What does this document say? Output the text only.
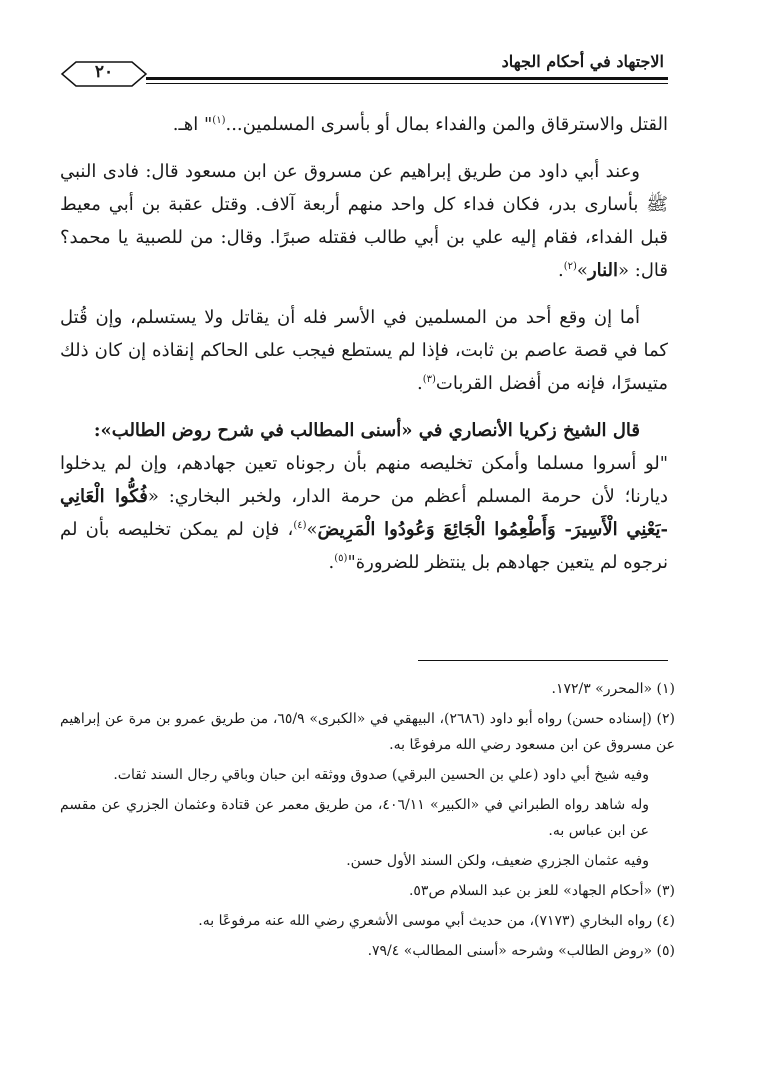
الاجتهاد في أحكام الجهاد
٢٠

القتل والاسترقاق والمن والفداء بمال أو بأسرى المسلمين...$^{(١)}$" اهـ.

وعند أبي داود من طريق إبراهيم عن مسروق عن ابن مسعود قال: فادى النبي ﷺ بأسارى بدر، فكان فداء كل واحد منهم أربعة آلاف. وقتل عقبة بن أبي معيط قبل الفداء، فقام إليه علي بن أبي طالب فقتله صبرًا. وقال: من للصبية يا محمد؟ قال: «النار»$^{(٢)}$.

أما إن وقع أحد من المسلمين في الأسر فله أن يقاتل ولا يستسلم، وإن قُتل كما في قصة عاصم بن ثابت، فإذا لم يستطع فيجب على الحاكم إنقاذه إن كان ذلك متيسرًا، فإنه من أفضل القربات$^{(٣)}$.

قال الشيخ زكريا الأنصاري في «أسنى المطالب في شرح روض الطالب»:
"لو أسروا مسلما وأمكن تخليصه منهم بأن رجوناه تعين جهادهم، وإن لم يدخلوا ديارنا؛ لأن حرمة المسلم أعظم من حرمة الدار، ولخبر البخاري: «فُكُّوا الْعَانِي -يَعْنِي الْأَسِيرَ- وَأَطْعِمُوا الْجَائِعَ وَعُودُوا الْمَرِيضَ»$^{(٤)}$، فإن لم يمكن تخليصه بأن لم نرجوه لم يتعين جهادهم بل ينتظر للضرورة"$^{(٥)}$.

(١) «المحرر» ١٧٢/٣.

(٢) (إسناده حسن) رواه أبو داود (٢٦٨٦)، البيهقي في «الكبرى» ٦٥/٩، من طريق عمرو بن مرة عن إبراهيم عن مسروق عن ابن مسعود رضي الله مرفوعًا به.

وفيه شيخ أبي داود (علي بن الحسين البرقي) صدوق ووثقه ابن حبان وباقي رجال السند ثقات.

وله شاهد رواه الطبراني في «الكبير» ٤٠٦/١١، من طريق معمر عن قتادة وعثمان الجزري عن مقسم عن ابن عباس به.

وفيه عثمان الجزري ضعيف، ولكن السند الأول حسن.

(٣) «أحكام الجهاد» للعز بن عبد السلام ص٥٣.

(٤) رواه البخاري (٧١٧٣)، من حديث أبي موسى الأشعري رضي الله عنه مرفوعًا به.

(٥) «روض الطالب» وشرحه «أسنى المطالب» ٧٩/٤.
